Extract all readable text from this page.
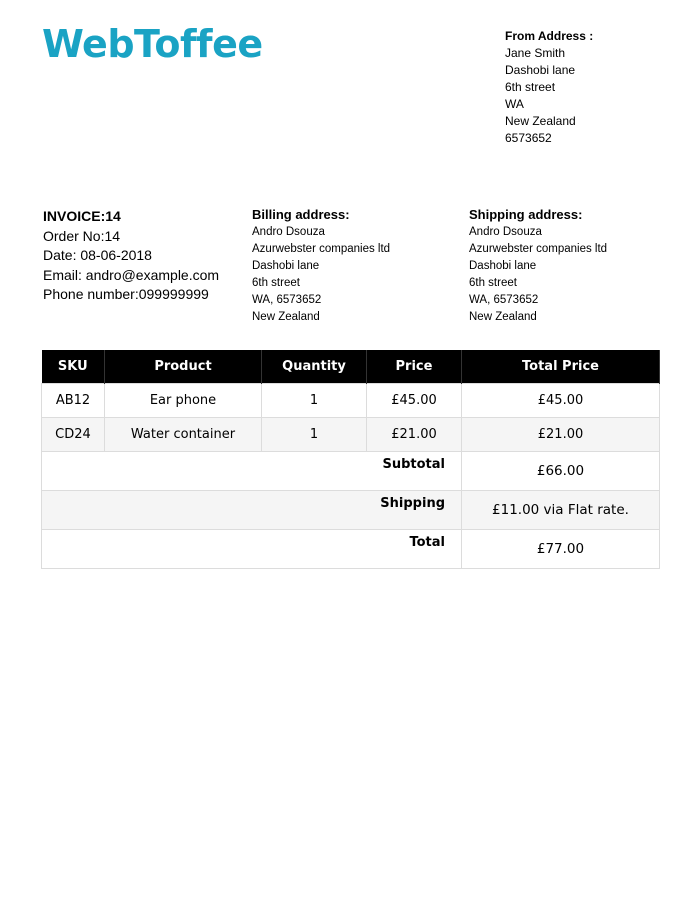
WebToffee	From Address :
Jane Smith
Dashobi lane
6th street
WA
New Zealand
6573652
INVOICE:14
Order No:14
Date: 08-06-2018
Email: andro@example.com
Phone number:099999999
Billing address:
Andro Dsouza
Azurwebster companies ltd
Dashobi lane
6th street
WA, 6573652
New Zealand
Shipping address:
Andro Dsouza
Azurwebster companies ltd
Dashobi lane
6th street
WA, 6573652
New Zealand
SKU	Product	Quantity	Price	Total Price
AB12	Ear phone	1	£45.00	£45.00
CD24	Water container	1	£21.00	£21.00
Subtotal				£66.00
Shipping				£11.00 via Flat rate.
Total				£77.00
